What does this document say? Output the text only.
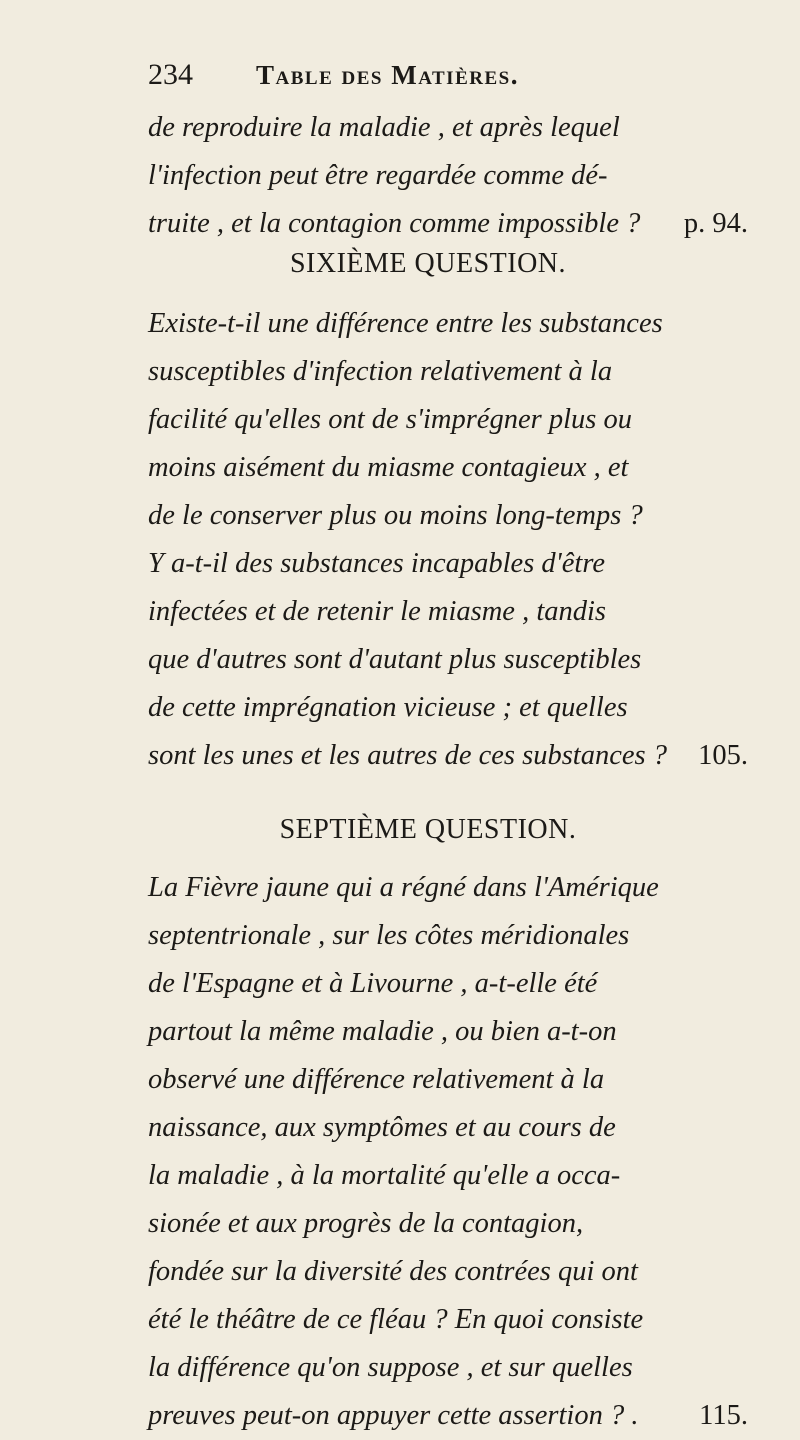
234 Table des Matières.
de reproduire la maladie , et après lequel
l'infection peut être regardée comme dé-
truite , et la contagion comme impossible ? p. 94.
SIXIÈME QUESTION.
Existe-t-il une différence entre les substances
susceptibles d'infection relativement à la
facilité qu'elles ont de s'imprégner plus ou
moins aisément du miasme contagieux , et
de le conserver plus ou moins long-temps ?
Y a-t-il des substances incapables d'être
infectées et de retenir le miasme , tandis
que d'autres sont d'autant plus susceptibles
de cette imprégnation vicieuse ; et quelles
sont les unes et les autres de ces substances ? 105.
SEPTIÈME QUESTION.
La Fièvre jaune qui a régné dans l'Amérique
septentrionale , sur les côtes méridionales
de l'Espagne et à Livourne , a-t-elle été
partout la même maladie , ou bien a-t-on
observé une différence relativement à la
naissance, aux symptômes et au cours de
la maladie , à la mortalité qu'elle a occa-
sionée et aux progrès de la contagion,
fondée sur la diversité des contrées qui ont
été le théâtre de ce fléau ? En quoi consiste
la différence qu'on suppose , et sur quelles
preuves peut-on appuyer cette assertion ? . 115.
